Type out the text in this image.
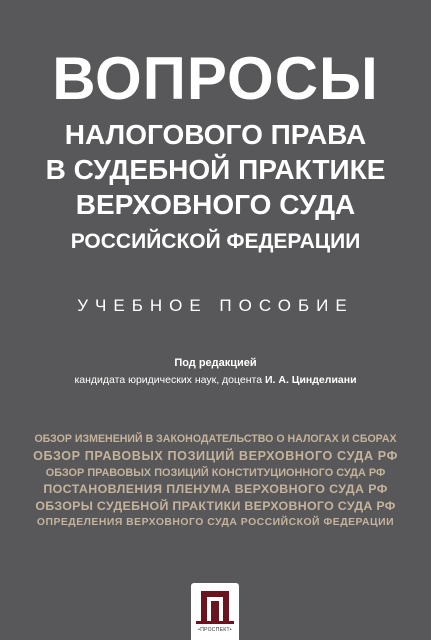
ВОПРОСЫ
НАЛОГОВОГО ПРАВА
В СУДЕБНОЙ ПРАКТИКЕ
ВЕРХОВНОГО СУДА
РОССИЙСКОЙ ФЕДЕРАЦИИ
УЧЕБНОЕ ПОСОБИЕ
Под редакцией
кандидата юридических наук, доцента И. А. Цинделиани
ОБЗОР ИЗМЕНЕНИЙ В ЗАКОНОДАТЕЛЬСТВО О НАЛОГАХ И СБОРАХ
ОБЗОР ПРАВОВЫХ ПОЗИЦИЙ ВЕРХОВНОГО СУДА РФ
ОБЗОР ПРАВОВЫХ ПОЗИЦИЙ КОНСТИТУЦИОННОГО СУДА РФ
ПОСТАНОВЛЕНИЯ ПЛЕНУМА ВЕРХОВНОГО СУДА РФ
ОБЗОРЫ СУДЕБНОЙ ПРАКТИКИ ВЕРХОВНОГО СУДА РФ
ОПРЕДЕЛЕНИЯ ВЕРХОВНОГО СУДА РОССИЙСКОЙ ФЕДЕРАЦИИ
•ПРОСПЕКТ•
